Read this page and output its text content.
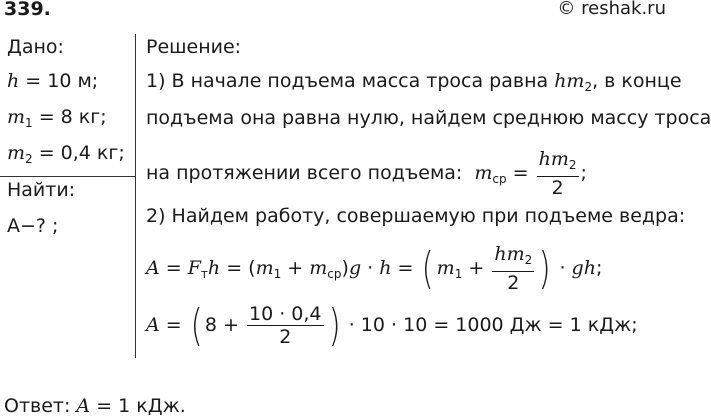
339.	© reshak.ru
Дано:
h = 10 м;
$m_1 = 8$ кг;
$m_2 = 0,4$ кг;
Найти:
A−? ;
Решение:
1) В начале подъема масса троса равна $hm_2$, в конце
подъема она равна нулю, найдем среднюю массу троса
на протяжении всего подъема: $m_{ср} = \frac{hm_2}{2}$ ;
2) Найдем работу, совершаемую при подъеме ведра:
$A = F_тh = (m_1 + m_{ср})g \cdot h$ = ( $m_1 + \frac{hm_2}{2}$ ) · gh;
A = ( $8 + \frac{10 \cdot 0,4}{2}$ ) · 10 · 10 = 1000 Дж = 1 кДж;
Ответ: A = 1 кДж.
